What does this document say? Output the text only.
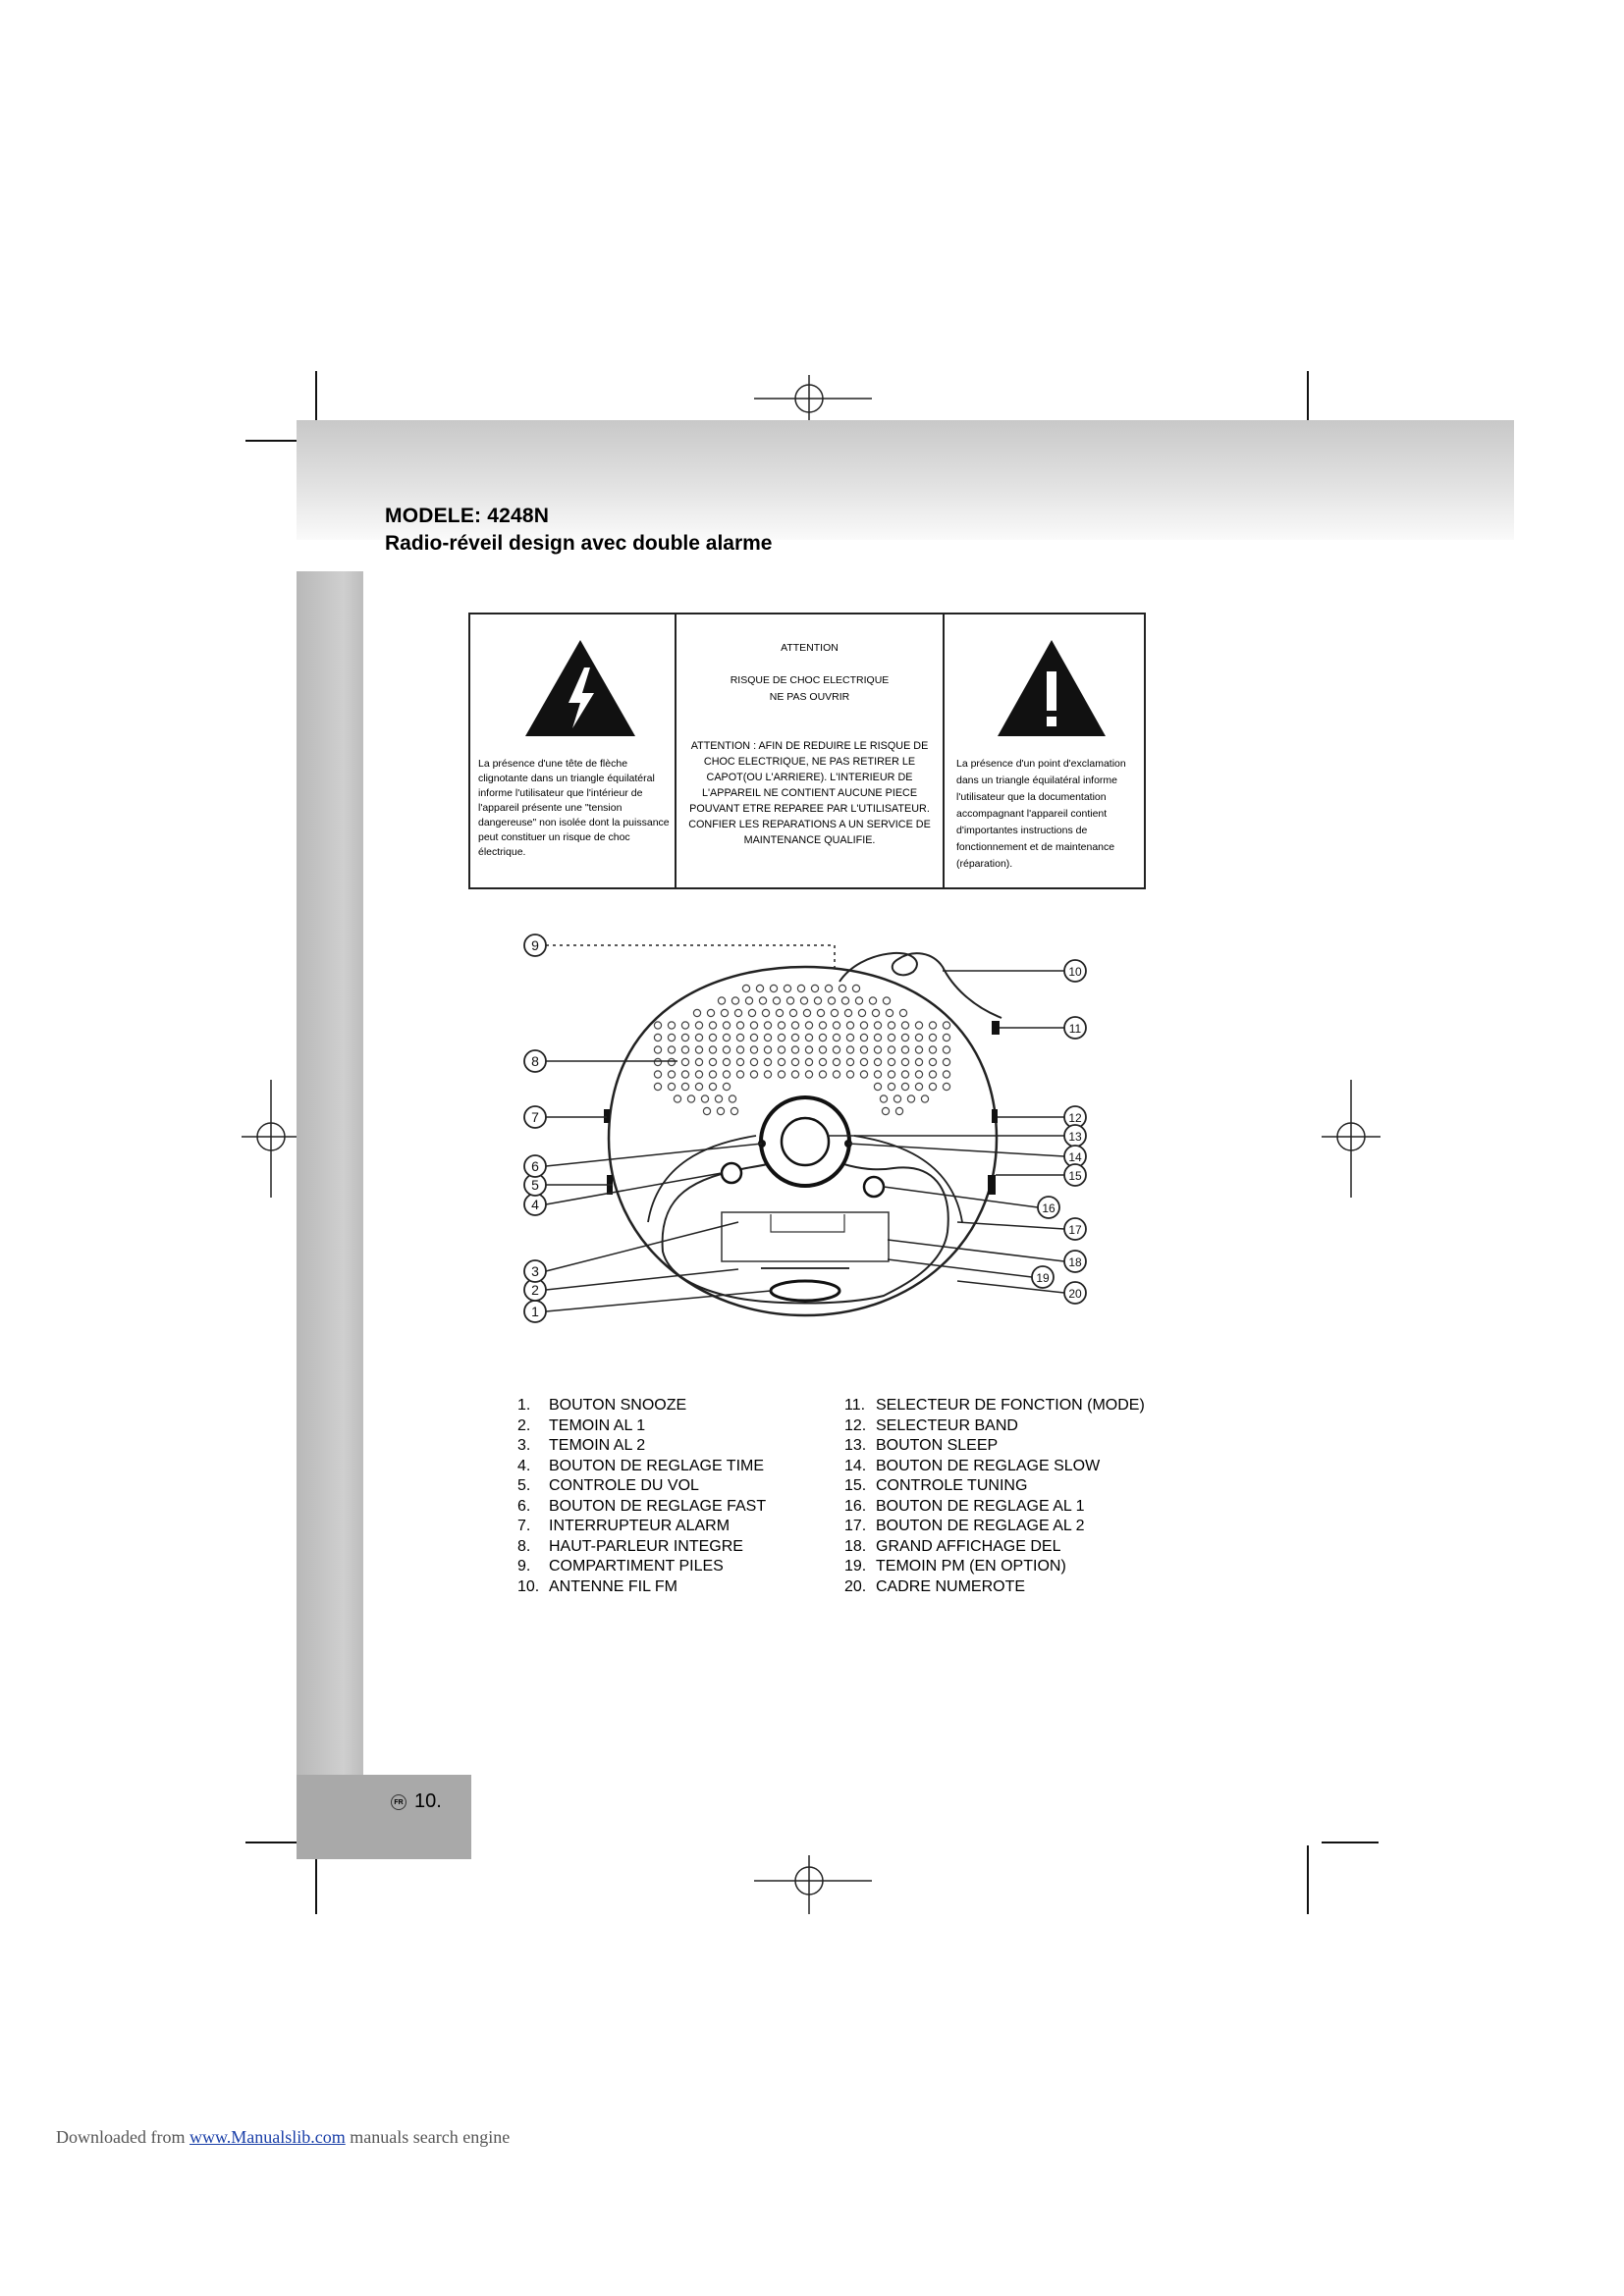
MODELE: 4248N
Radio-réveil design avec double alarme
La présence d'une tête de flèche clignotante dans un triangle équilatéral informe l'utilisateur que l'intérieur de l'appareil présente une "tension dangereuse" non isolée dont la puissance peut constituer un risque de choc électrique.
ATTENTION
RISQUE DE CHOC ELECTRIQUE
NE PAS OUVRIR
ATTENTION : AFIN DE REDUIRE LE RISQUE DE CHOC ELECTRIQUE, NE PAS RETIRER LE CAPOT(OU L'ARRIERE). L'INTERIEUR DE L'APPAREIL NE CONTIENT AUCUNE PIECE POUVANT ETRE REPAREE PAR L'UTILISATEUR. CONFIER LES REPARATIONS A UN SERVICE DE MAINTENANCE QUALIFIE.
La présence d'un point d'exclamation dans un triangle équilatéral informe l'utilisateur que la documentation accompagnant l'appareil contient d'importantes instructions de fonctionnement et de maintenance (réparation).
1
2
3
4
5
6
7
8
9
10
11
12
13
14
15
16
17
18
19
20
1.	BOUTON SNOOZE
2.	TEMOIN AL 1
3.	TEMOIN AL 2
4.	BOUTON DE REGLAGE TIME
5.	CONTROLE DU VOL
6.	BOUTON DE REGLAGE FAST
7.	INTERRUPTEUR ALARM
8.	HAUT-PARLEUR INTEGRE
9.	COMPARTIMENT PILES
10. ANTENNE FIL FM
11. SELECTEUR DE FONCTION (MODE)
12. SELECTEUR BAND
13. BOUTON SLEEP
14. BOUTON DE REGLAGE SLOW
15. CONTROLE TUNING
16. BOUTON DE REGLAGE AL 1
17. BOUTON DE REGLAGE AL 2
18. GRAND AFFICHAGE DEL
19. TEMOIN PM (EN OPTION)
20. CADRE NUMEROTE
FR 10.
Downloaded from www.Manualslib.com manuals search engine
